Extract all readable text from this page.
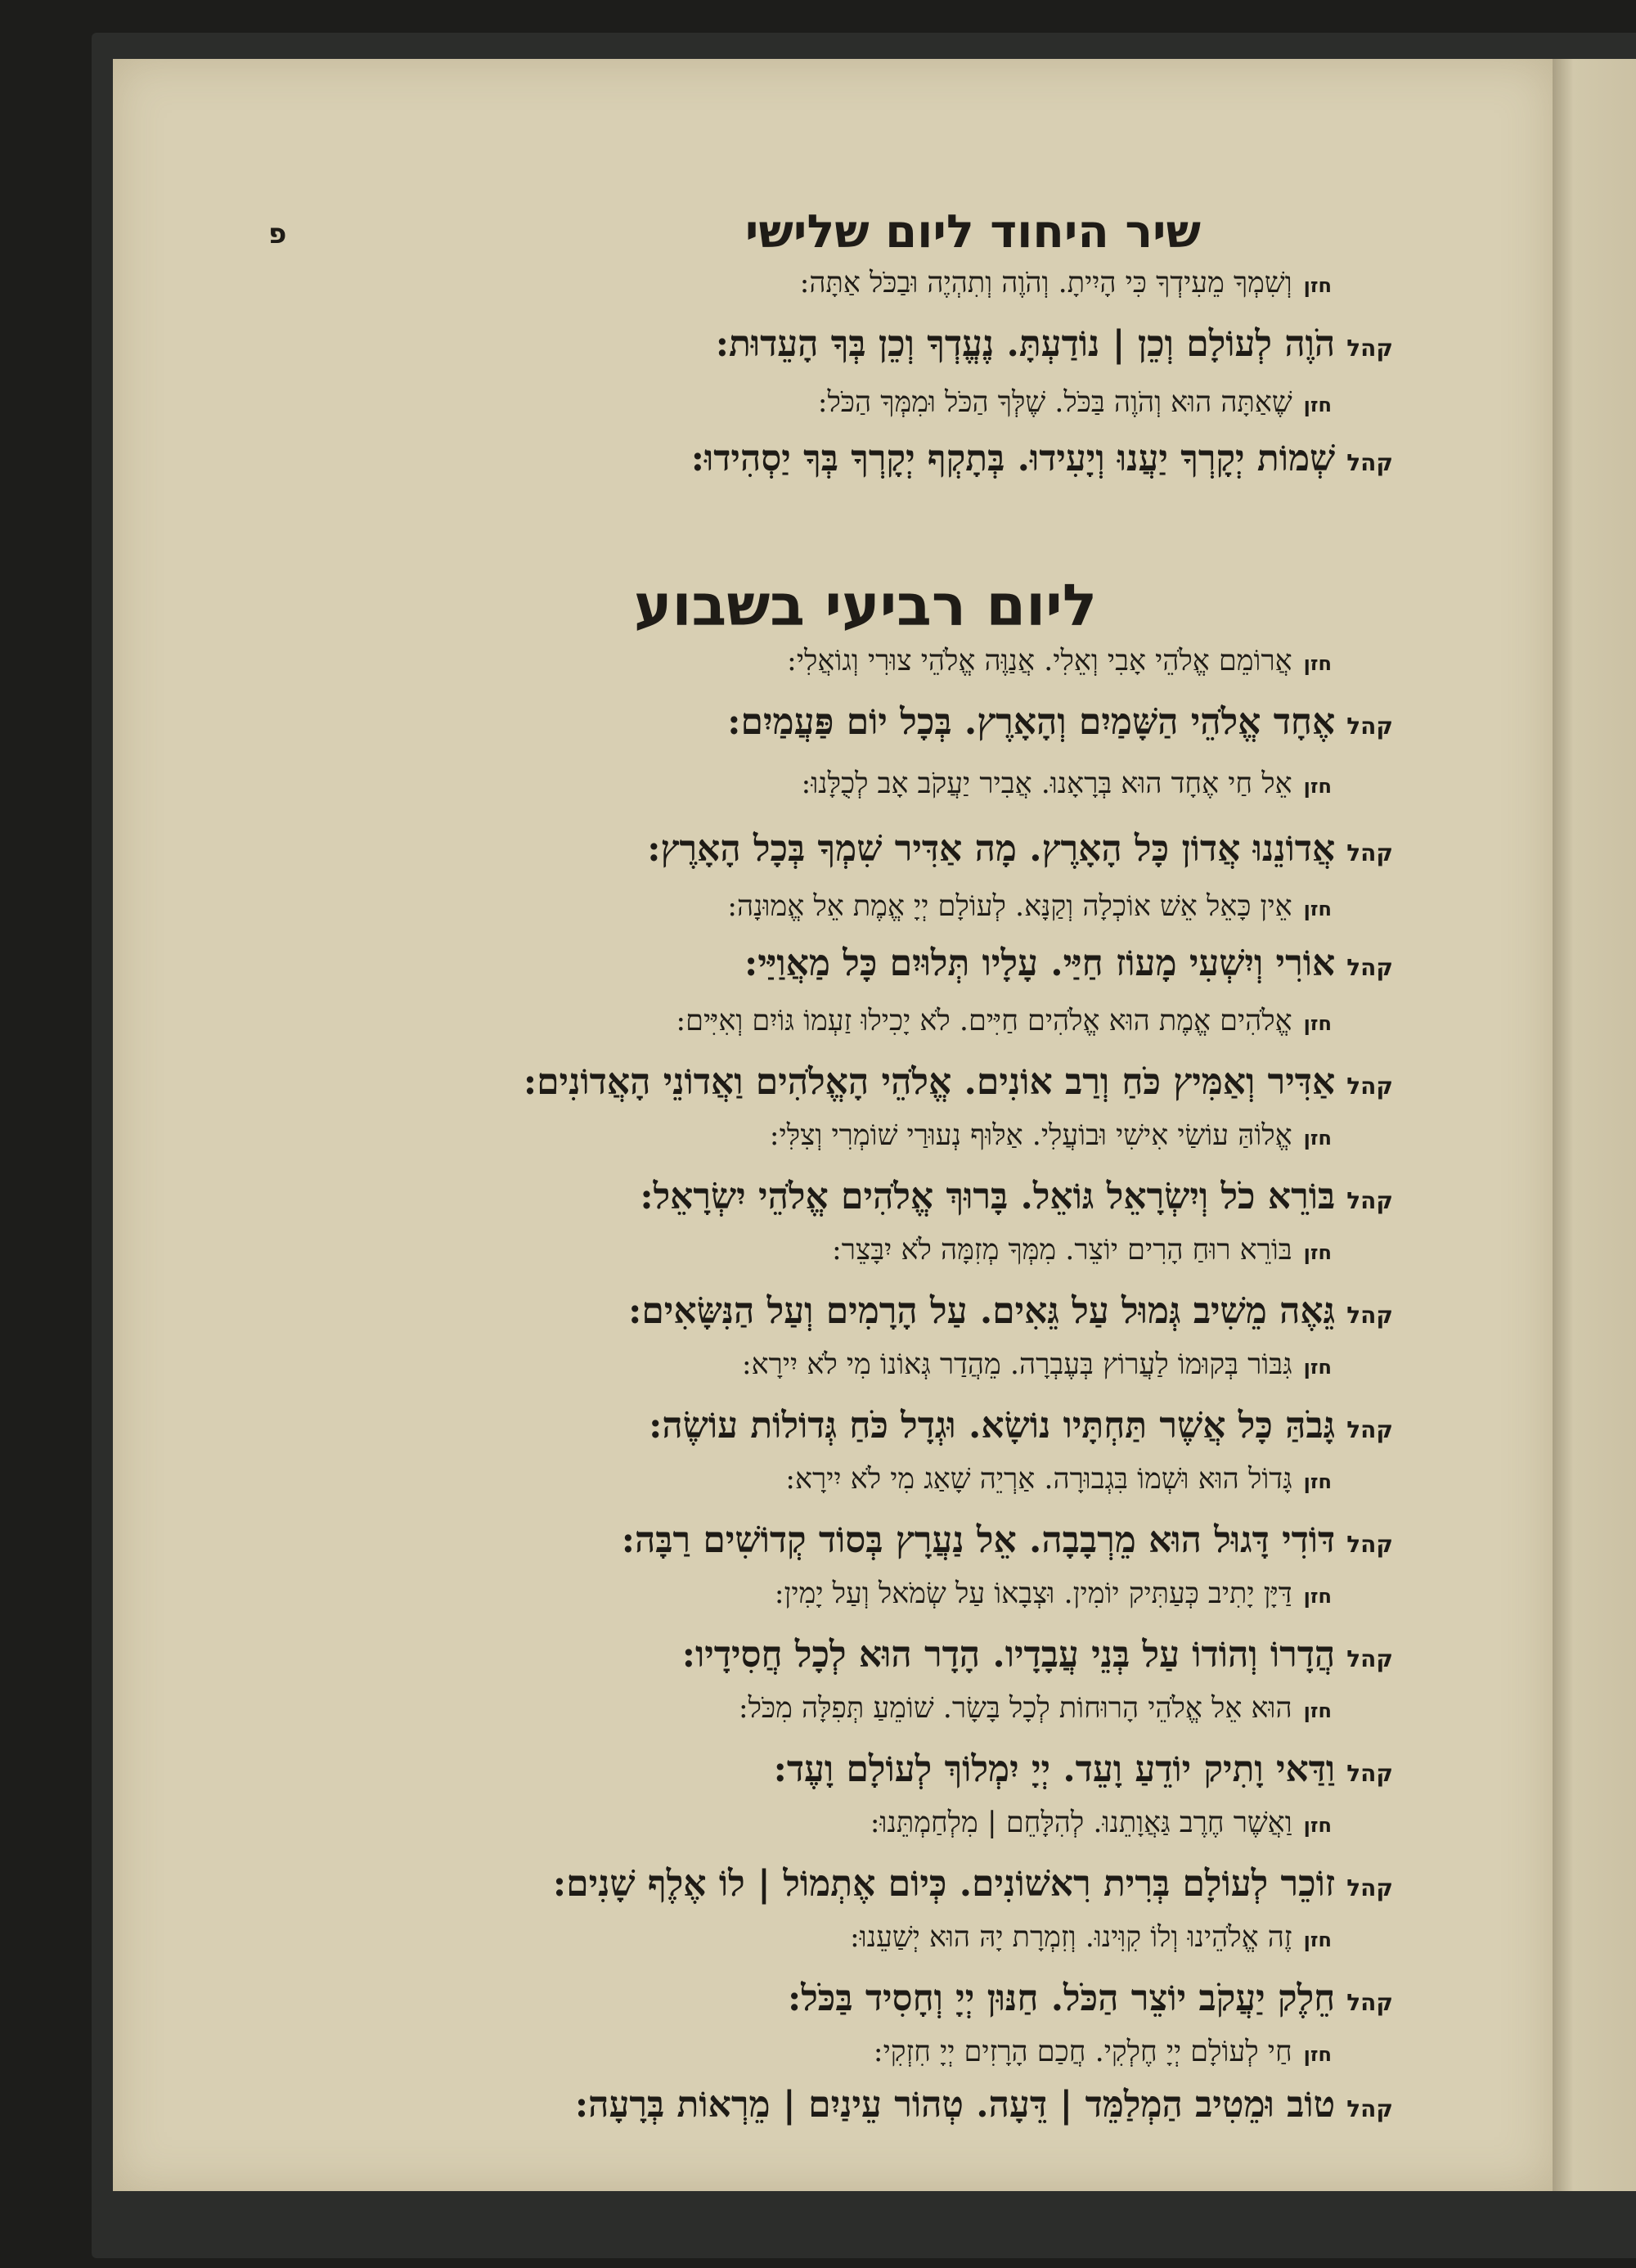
שיר היחוד ליום שלישי
פ
ליום רביעי בשבוע
חזןוְשִׁמְךָ מֵעִידְךָ כִּי הָיִיתָ. וְהֹוֶה וְתִהְיֶה וּבַכֹּל אַתָּה:
קהלהֹוֶה לְעוֹלָם וְכֵן | נוֹדַעְתָּ. נֶעֱדְךָ וְכֵן בְּךָ הָעֵדוּת:
חזןשֶׁאַתָּה הוּא וְהֹוֶה בַּכֹּל. שֶׁלְּךָ הַכֹּל וּמִמְּךָ הַכֹּל:
קהלשְׁמוֹת יְקָרְךָ יַעֲנוּ וְיָעִידוּ. בְּתָקְף יְקָרְךָ בְּךָ יַסְהִידוּ:
חזןאֲרוֹמֵם אֱלֹהֵי אָבִי וְאֵלִי. אֲנַוֶּה אֱלֹהֵי צוּרִי וְגוֹאֲלִי:
קהלאֶחָד אֱלֹהֵי הַשָּׁמַיִם וְהָאָרֶץ. בְּכָל יוֹם פַּעֲמַיִם:
חזןאֵל חַי אֶחָד הוּא בְּרָאָנוּ. אֲבִיר יַעֲקֹב אָב לְכֻלָּנוּ:
קהלאֲדוֹנֵנוּ אֲדוֹן כָּל הָאָרֶץ. מָה אַדִּיר שִׁמְךָ בְּכָל הָאָרֶץ:
חזןאֵין כָּאֵל אֵשׁ אוֹכְלָה וְקַנָּא. לְעוֹלָם יְיָ אֱמֶת אֵל אֱמוּנָה:
קהלאוֹרִי וְיִשְׁעִי מָעוֹז חַיַּי. עָלָיו תְּלוּיִם כָּל מַאֲוַיַּי:
חזןאֱלֹהִים אֱמֶת הוּא אֱלֹהִים חַיִּים. לֹא יָכִילוּ זַעְמוֹ גּוֹיִם וְאִיִּים:
קהלאַדִּיר וְאַמִּיץ כֹּחַ וְרַב אוֹנִים. אֱלֹהֵי הָאֱלֹהִים וַאֲדוֹנֵי הָאֲדוֹנִים:
חזןאֱלוֹהַּ עוֹשַׂי אִישִׁי וּבוֹעֲלִי. אַלּוּף נְעוּרַי שׁוֹמְרִי וְצִלִּי:
קהלבּוֹרֵא כֹל וְיִשְׂרָאֵל גּוֹאֵל. בָּרוּךְ אֱלֹהִים אֱלֹהֵי יִשְׂרָאֵל:
חזןבּוֹרֵא רוּחַ הָרִים יוֹצֵר. מִמְּךָ מְזִמָּה לֹא יִבָּצֵר:
קהלגֵּאֶה מֵשִׁיב גְּמוּל עַל גֵּאִים. עַל הָרָמִים וְעַל הַנִּשָּׂאִים:
חזןגִּבּוֹר בְּקוּמוֹ לַעֲרוֹץ בְּעֶבְרָה. מֵהֲדַר גְּאוֹנוֹ מִי לֹא יִירָא:
קהלגָּבֹהַּ כָּל אֲשֶׁר תַּחְתָּיו נוֹשָׂא. וּגְדָל כֹּחַ גְּדוֹלוֹת עוֹשֶׂה:
חזןגָּדוֹל הוּא וּשְׁמוֹ בִּגְבוּרָה. אַרְיֵה שָׁאַג מִי לֹא יִירָא:
קהלדּוֹדִי דָּגוּל הוּא מֵרְבָבָה. אֵל נַעֲרָץ בְּסוֹד קְדוֹשִׁים רַבָּה:
חזןדַּיָּן יָתִיב כְּעַתִּיק יוֹמִין. וּצְבָאוֹ עַל שְׂמֹאל וְעַל יָמִין:
קהלהֲדָרוֹ וְהוֹדוֹ עַל בְּנֵי עֲבָדָיו. הָדָר הוּא לְכָל חֲסִידָיו:
חזןהוּא אֵל אֱלֹהֵי הָרוּחוֹת לְכָל בָּשָׂר. שׁוֹמֵעַ תְּפִלָּה מִכֹּל:
קהלוַדַּאי וָתִיק יוֹדֵעַ וָעֵד. יְיָ יִמְלוֹךְ לְעוֹלָם וָעֶד:
חזןוַאֲשֶׁר חֶרֶב גַּאֲוָתֵנוּ. לְהִלָּחֵם | מִלְחַמְתֵּנוּ:
קהלזוֹכֵר לְעוֹלָם בְּרִית רִאשׁוֹנִים. כְּיוֹם אֶתְמוֹל | לוֹ אֶלֶף שָׁנִים:
חזןזֶה אֱלֹהֵינוּ וְלוֹ קִוִּינוּ. וְזִמְרָת יָהּ הוּא יְשַׁעֵנוּ:
קהלחֵלֶק יַעֲקֹב יוֹצֵר הַכֹּל. חַנּוּן יְיָ וְחָסִיד בַּכֹּל:
חזןחַי לְעוֹלָם יְיָ חֶלְקִי. חֲכַם הָרָזִים יְיָ חִזְקִי:
קהלטוֹב וּמֵטִיב הַמְלַמֵּד | דֵּעָה. טְהוֹר עֵינַיִם | מֵרְאוֹת בְּרָעָה:
